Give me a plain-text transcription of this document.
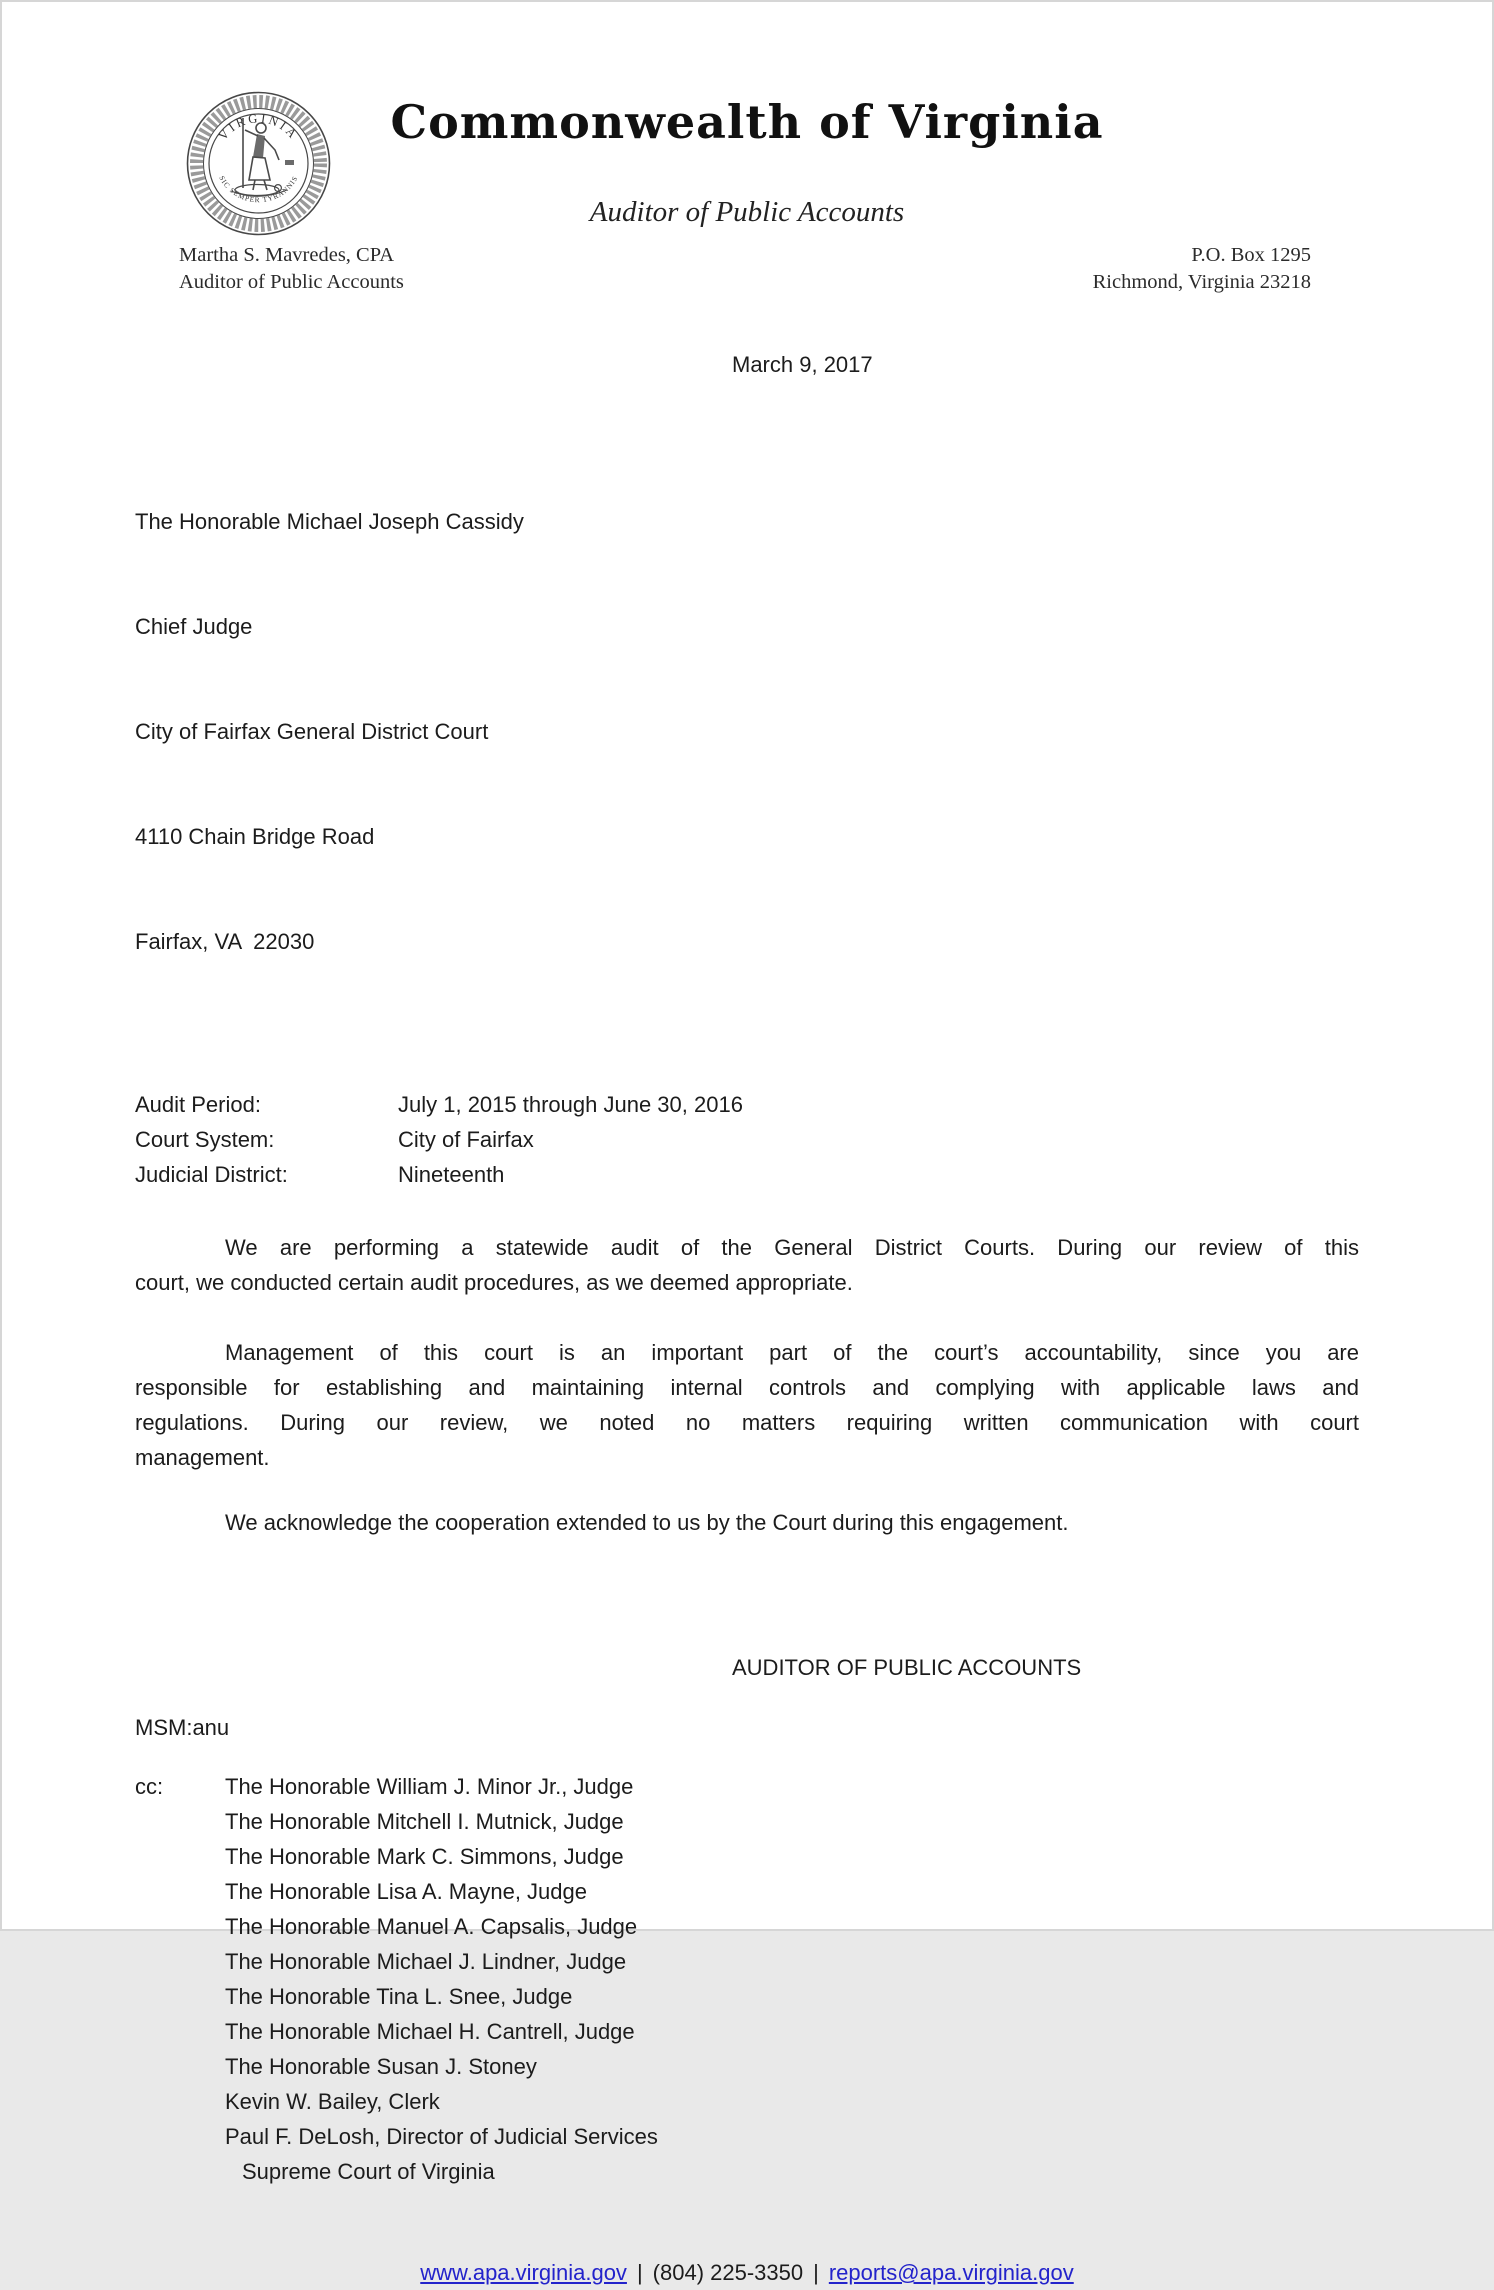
VIRGINIA
SIC SEMPER TYRANNIS
Commonwealth of Virginia
Auditor of Public Accounts
Martha S. Mavredes, CPA
Auditor of Public Accounts
P.O. Box 1295
Richmond, Virginia 23218
March 9, 2017

The Honorable Michael Joseph Cassidy

Chief Judge

City of Fairfax General District Court

4110 Chain Bridge Road

Fairfax, VA  22030

Audit Period:	July 1, 2015 through June 30, 2016
Court System:	City of Fairfax
Judicial District:	Nineteenth
We are performing a statewide audit of the General District Courts. During our review of this
court, we conducted certain audit procedures, as we deemed appropriate.
Management of this court is an important part of the court’s accountability, since you are
responsible for establishing and maintaining internal controls and complying with applicable laws and
regulations. During our review, we noted no matters requiring written communication with court
management.
We acknowledge the cooperation extended to us by the Court during this engagement.
AUDITOR OF PUBLIC ACCOUNTS
MSM:anu
cc:	The Honorable William J. Minor Jr., Judge
The Honorable Mitchell I. Mutnick, Judge
The Honorable Mark C. Simmons, Judge
The Honorable Lisa A. Mayne, Judge
The Honorable Manuel A. Capsalis, Judge
The Honorable Michael J. Lindner, Judge
The Honorable Tina L. Snee, Judge
The Honorable Michael H. Cantrell, Judge
The Honorable Susan J. Stoney
Kevin W. Bailey, Clerk
Paul F. DeLosh, Director of Judicial Services
Supreme Court of Virginia
www.apa.virginia.gov | (804) 225-3350 | reports@apa.virginia.gov
